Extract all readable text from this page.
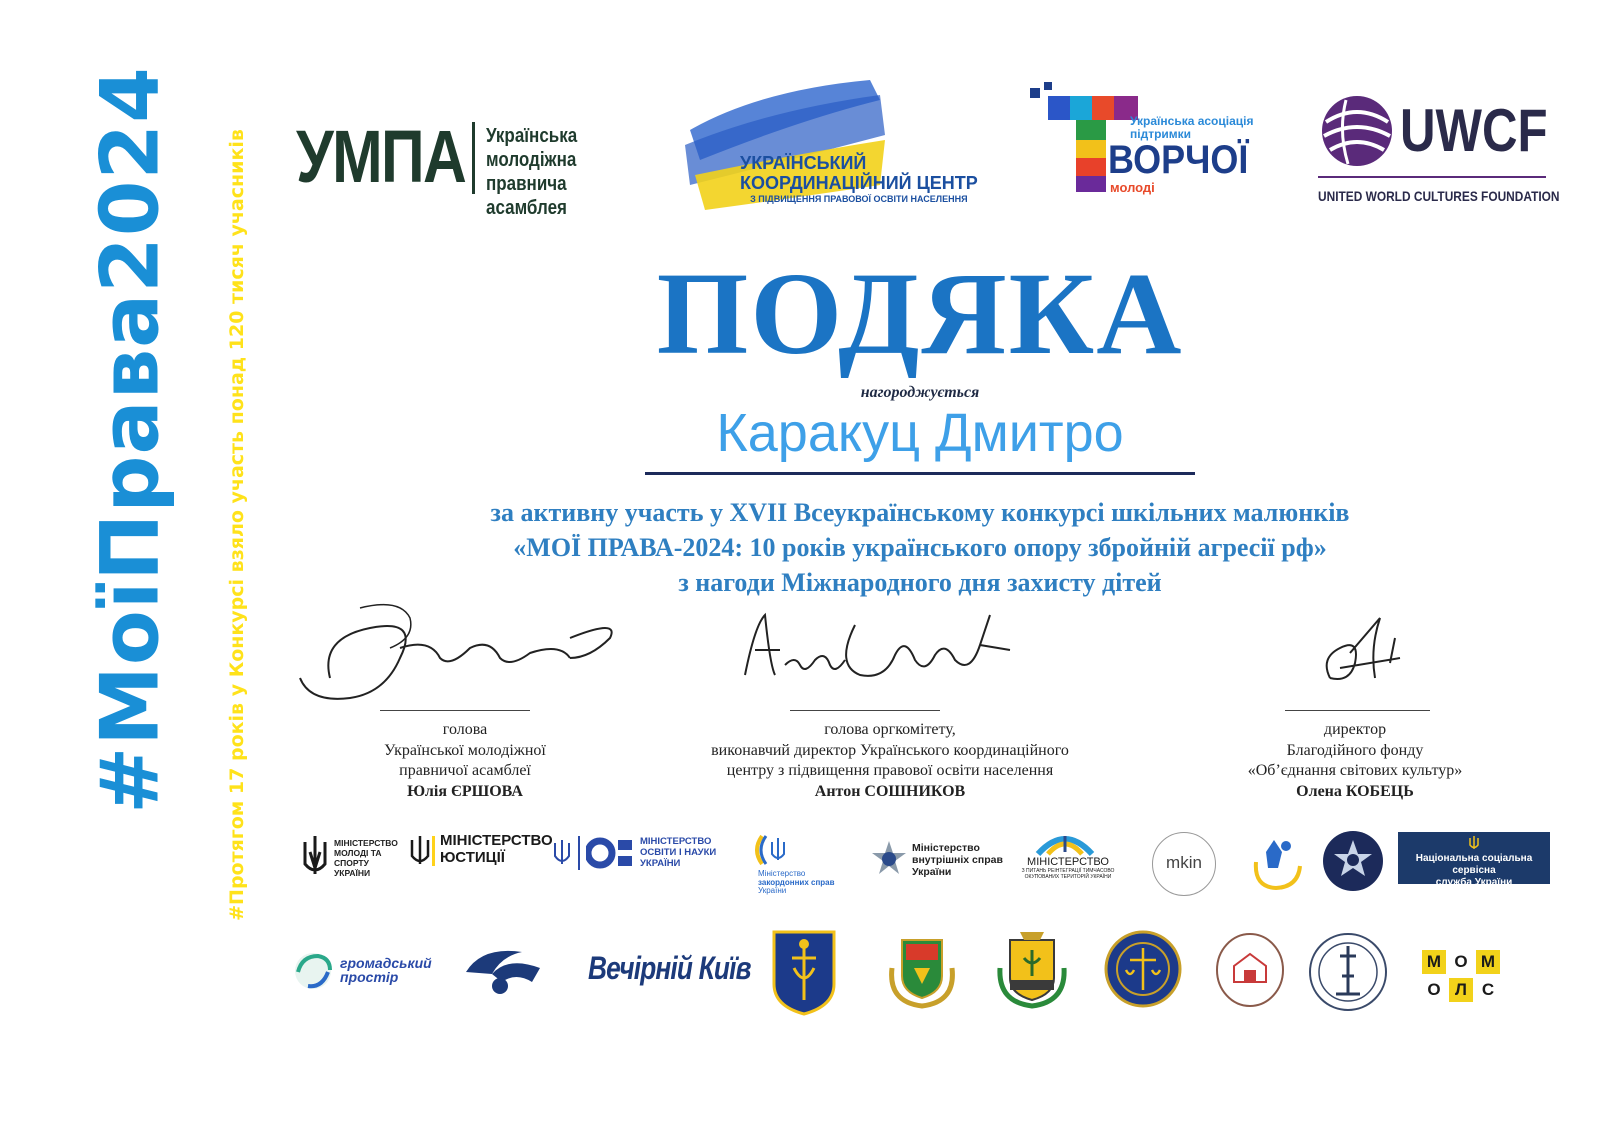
#МоїПрава2024	#Протягом 17 років у Конкурсі взяло участь понад 120 тисяч учасників УМПА Українська
молодіжна правнича
асамблея
УКРАЇНСЬКИЙ
КООРДИНАЦІЙНИЙ ЦЕНТР
З ПІДВИЩЕННЯ ПРАВОВОЇ ОСВІТИ НАСЕЛЕННЯ
Українська асоціація
підтримки
ВОРЧОЇ
молоді
UWCF
UNITED WORLD CULTURES FOUNDATION
ПОДЯКА
нагороджується
Каракуц Дмитро
за активну участь у XVII Всеукраїнському конкурсі шкільних малюнків
«МОЇ ПРАВА-2024: 10 років українського опору збройній агресії рф»
з нагоди Міжнародного дня захисту дітей
голова
Української молодіжної
правничої асамблеї
Юлія ЄРШОВА
голова оргкомітету,
виконавчий директор Українського координаційного
центру з підвищення правової освіти населення
Антон СОШНИКОВ
директор
Благодійного фонду
«Об’єднання світових культур»
Олена КОБЕЦЬ
МІНІСТЕРСТВО
МОЛОДІ ТА СПОРТУ
УКРАЇНИ
МІНІСТЕРСТВО
ЮСТИЦІЇ
МІНІСТЕРСТВО
ОСВІТИ І НАУКИ
УКРАЇНИ
Міністерство
закордонних справ
України
Міністерство
внутрішніх справ
України
МІНІСТЕРСТВО
З ПИТАНЬ РЕІНТЕГРАЦІЇ ТИМЧАСОВО
ОКУПОВАНИХ ТЕРИТОРІЙ УКРАЇНИ
mkin	Національна соціальна сервісна
служба України
громадський
простір	Вечірній Київ	М О М
О Л С
